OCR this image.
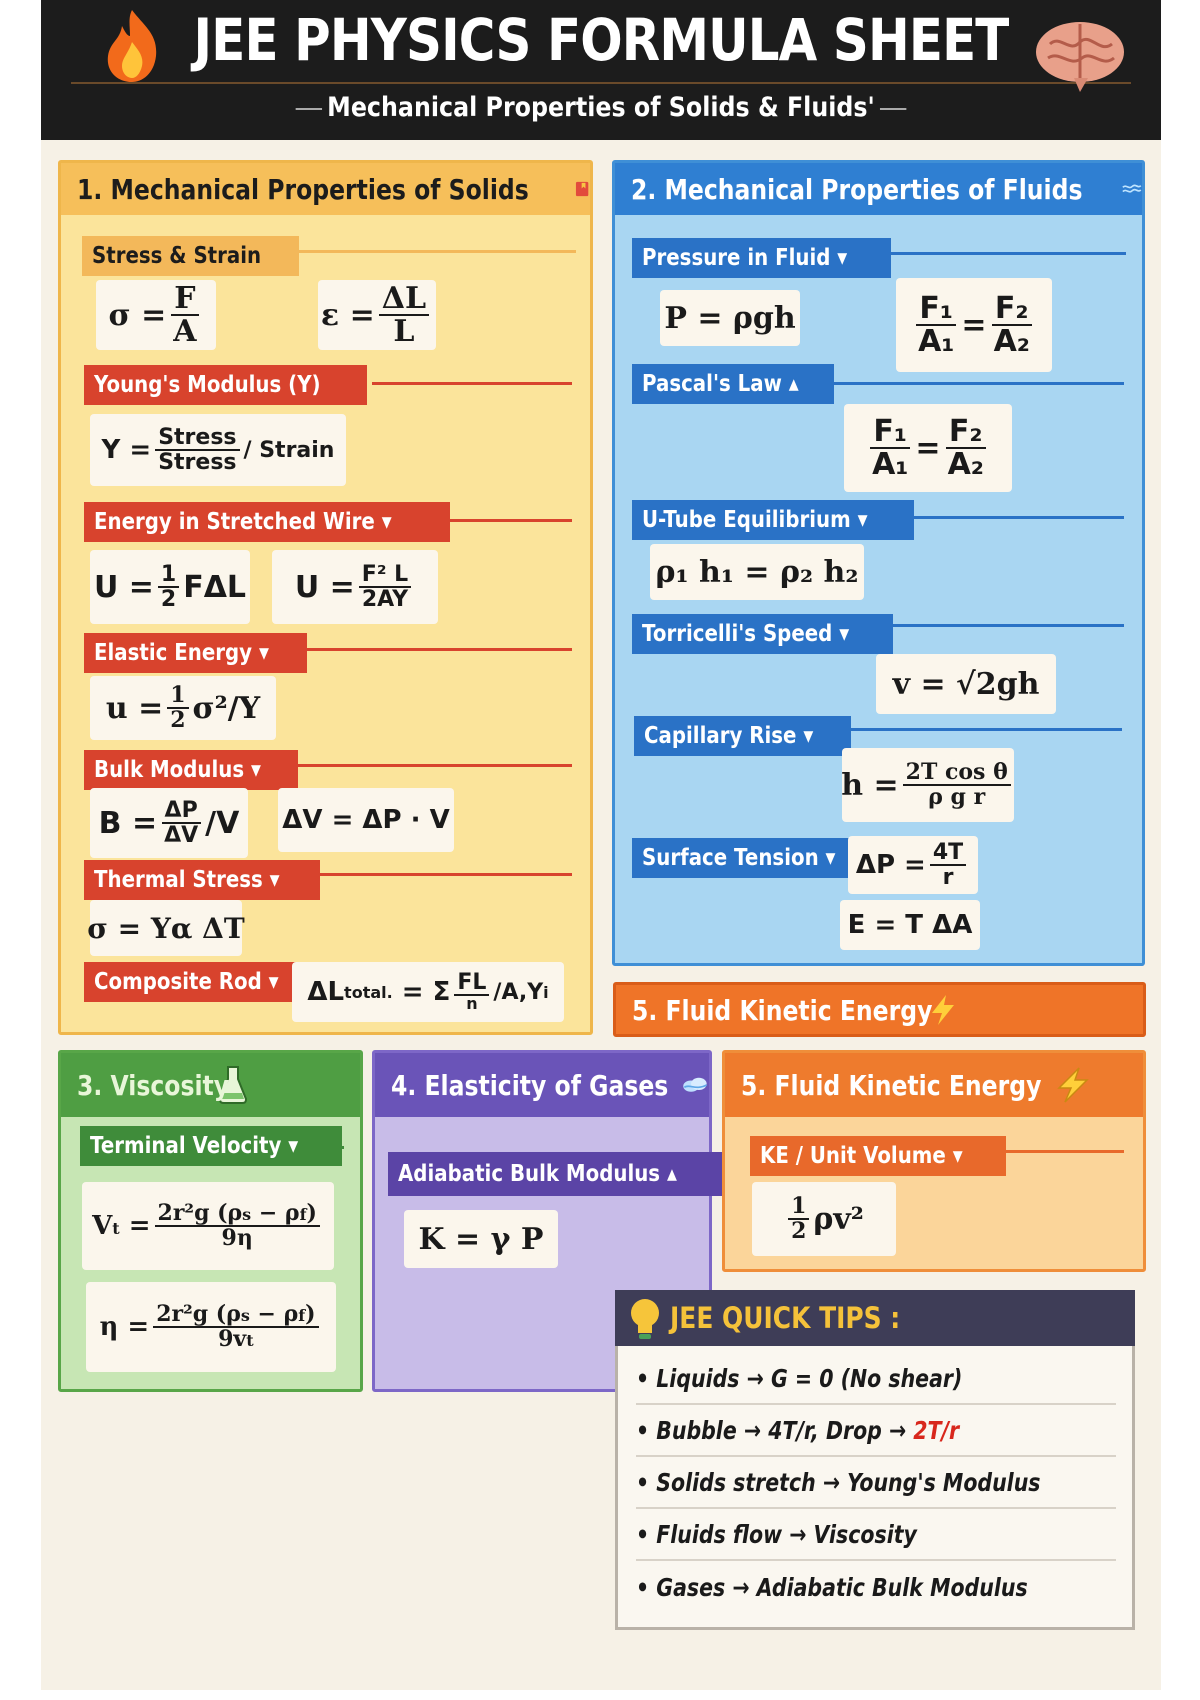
JEE PHYSICS FORMULA SHEET
Mechanical Properties of Solids & Fluids'
1. Mechanical Properties of Solids
Stress & Strain
$\sigma = \frac{F}{A}$	$\varepsilon = \frac{\Delta L}{L}$
Young's Modulus (Y)
$Y = \frac{\text{Stress}}{\text{Stress}}$ / Strain
Energy in Stretched Wire ▾
$U = \frac{1}{2}$ FΔL $U = \frac{\text{F² L}}{2AY}$
Elastic Energy ▾
$u = \frac{1}{2} \sigma^2/Y$
Bulk Modulus ▾
$B = \frac{\Delta P}{\Delta V} /V$ ΔV = ΔP · V
Thermal Stress ▾
σ = Yα ΔT
Composite Rod ▾ ΔL total. = Σ $\frac{FL}{n} /A,Y$ i
2. Mechanical Properties of Fluids
Pressure in Fluid ▾
P = ρgh	$\frac{\text{F₁}}{\text{A₁}} = \frac{\text{F₂}}{\text{A₂}}$
Pascal's Law ▴
$\frac{\text{F₁}}{\text{A₁}} = \frac{\text{F₂}}{\text{A₂}}$
U-Tube Equilibrium ▾
ρ₁ h₁ = ρ₂ h₂
Torricelli's Speed ▾
v = √2gh
Capillary Rise ▾
$h = \frac{\text{2T cos θ}}{\text{ρ g r}}$
Surface Tension ▾ $\Delta P = \frac{4T}{r}$
E = T ΔA
5. Fluid Kinetic Energy
3. Viscosity
Terminal Velocity ▾
$Vt = \frac{\text{2r²g (ρs − ρf)}}{9\eta}$
$\eta = \frac{\text{2r²g (ρs − ρf)}}{9vt}$
4. Elasticity of Gases
Adiabatic Bulk Modulus ▴
K = γ P
5. Fluid Kinetic Energy
KE / Unit Volume ▾
$\frac{1}{2} \rho v^2$
JEE QUICK TIPS :
• Liquids → G = 0 (No shear)
• Bubble → 4T/r, Drop → 2T/r
• Solids stretch → Young's Modulus
• Fluids flow → Viscosity
• Gases → Adiabatic Bulk Modulus
